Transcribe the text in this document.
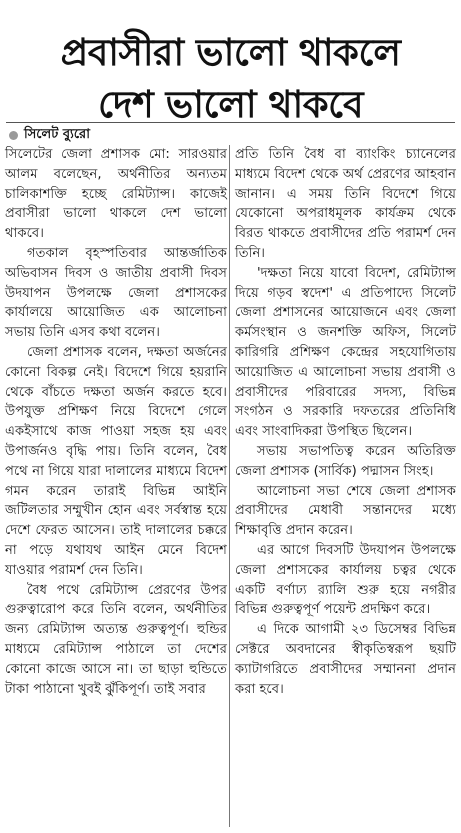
প্রবাসীরা ভালো থাকলে
দেশ ভালো থাকবে
সিলেট ব্যুরো

সিলেটের জেলা প্রশাসক মো: সারওয়ার আলম বলেছেন, অর্থনীতির অন্যতম চালিকাশক্তি হচ্ছে রেমিট্যান্স। কাজেই প্রবাসীরা ভালো থাকলে দেশ ভালো থাকবে।

গতকাল বৃহস্পতিবার আন্তর্জাতিক অভিবাসন দিবস ও জাতীয় প্রবাসী দিবস উদযাপন উপলক্ষে জেলা প্রশাসকের কার্যালয়ে আয়োজিত এক আলোচনা সভায় তিনি এসব কথা বলেন।

জেলা প্রশাসক বলেন, দক্ষতা অর্জনের কোনো বিকল্প নেই। বিদেশে গিয়ে হয়রানি থেকে বাঁচতে দক্ষতা অর্জন করতে হবে। উপযুক্ত প্রশিক্ষণ নিয়ে বিদেশে গেলে একইসাথে কাজ পাওয়া সহজ হয় এবং উপার্জনও বৃদ্ধি পায়। তিনি বলেন, বৈধ পথে না গিয়ে যারা দালালের মাধ্যমে বিদেশ গমন করেন তারাই বিভিন্ন আইনি জটিলতার সম্মুখীন হোন এবং সর্বস্বান্ত হয়ে দেশে ফেরত আসেন। তাই দালালের চক্করে না পড়ে যথাযথ আইন মেনে বিদেশ যাওয়ার পরামর্শ দেন তিনি।

বৈধ পথে রেমিট্যান্স প্রেরণের উপর গুরুত্বারোপ করে তিনি বলেন, অর্থনীতির জন্য রেমিট্যান্স অত্যন্ত গুরুত্বপূর্ণ। হুন্ডির মাধ্যমে রেমিট্যান্স পাঠালে তা দেশের কোনো কাজে আসে না। তা ছাড়া হুন্ডিতে টাকা পাঠানো খুবই ঝুঁকিপূর্ণ। তাই সবার

প্রতি তিনি বৈধ বা ব্যাংকিং চ্যানেলের মাধ্যমে বিদেশ থেকে অর্থ প্রেরণের আহবান জানান। এ সময় তিনি বিদেশে গিয়ে যেকোনো অপরাধমূলক কার্যক্রম থেকে বিরত থাকতে প্রবাসীদের প্রতি পরামর্শ দেন তিনি।

'দক্ষতা নিয়ে যাবো বিদেশ, রেমিট্যান্স দিয়ে গড়ব স্বদেশ' এ প্রতিপাদ্যে সিলেট জেলা প্রশাসনের আয়োজনে এবং জেলা কর্মসংস্থান ও জনশক্তি অফিস, সিলেট কারিগরি প্রশিক্ষণ কেন্দ্রের সহযোগিতায় আয়োজিত এ আলোচনা সভায় প্রবাসী ও প্রবাসীদের পরিবারের সদস্য, বিভিন্ন সংগঠন ও সরকারি দফতরের প্রতিনিধি এবং সাংবাদিকরা উপস্থিত ছিলেন।

সভায় সভাপতিত্ব করেন অতিরিক্ত জেলা প্রশাসক (সার্বিক) পদ্মাসন সিংহ।

আলোচনা সভা শেষে জেলা প্রশাসক প্রবাসীদের মেধাবী সন্তানদের মধ্যে শিক্ষাবৃত্তি প্রদান করেন।

এর আগে দিবসটি উদযাপন উপলক্ষে জেলা প্রশাসকের কার্যালয় চত্বর থেকে একটি বর্ণাঢ্য র‍্যালি শুরু হয়ে নগরীর বিভিন্ন গুরুত্বপূর্ণ পয়েন্ট প্রদক্ষিণ করে।

এ দিকে আগামী ২৩ ডিসেম্বর বিভিন্ন সেক্টরে অবদানের স্বীকৃতিস্বরূপ ছয়টি ক্যাটাগরিতে প্রবাসীদের সম্মাননা প্রদান করা হবে।
